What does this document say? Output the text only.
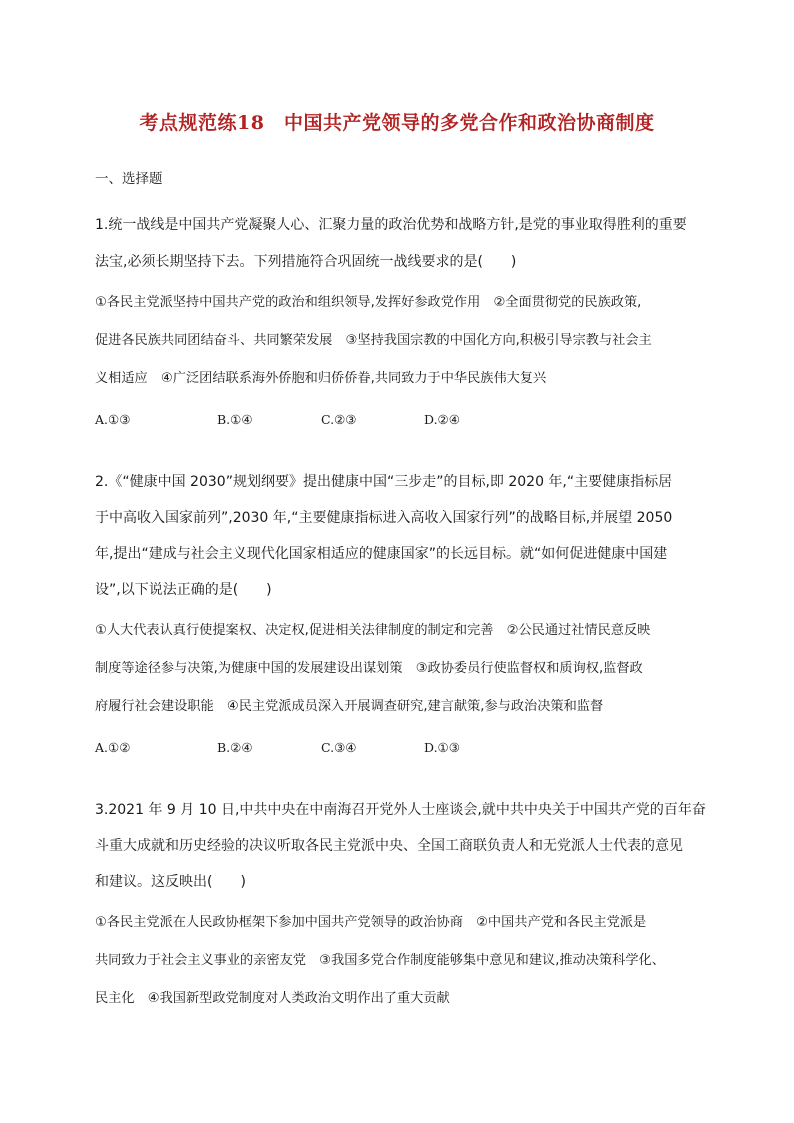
考点规范练18　中国共产党领导的多党合作和政治协商制度
一、选择题
1.统一战线是中国共产党凝聚人心、汇聚力量的政治优势和战略方针,是党的事业取得胜利的重要
法宝,必须长期坚持下去。下列措施符合巩固统一战线要求的是(　　)
①各民主党派坚持中国共产党的政治和组织领导,发挥好参政党作用　②全面贯彻党的民族政策,
促进各民族共同团结奋斗、共同繁荣发展　③坚持我国宗教的中国化方向,积极引导宗教与社会主
义相适应　④广泛团结联系海外侨胞和归侨侨眷,共同致力于中华民族伟大复兴
A.①③	B.①④	C.②③	D.②④
2.《“健康中国 2030”规划纲要》提出健康中国“三步走”的目标,即 2020 年,“主要健康指标居
于中高收入国家前列”,2030 年,“主要健康指标进入高收入国家行列”的战略目标,并展望 2050
年,提出“建成与社会主义现代化国家相适应的健康国家”的长远目标。就“如何促进健康中国建
设”,以下说法正确的是(　　)
①人大代表认真行使提案权、决定权,促进相关法律制度的制定和完善　②公民通过社情民意反映
制度等途径参与决策,为健康中国的发展建设出谋划策　③政协委员行使监督权和质询权,监督政
府履行社会建设职能　④民主党派成员深入开展调查研究,建言献策,参与政治决策和监督
A.①②	B.②④	C.③④	D.①③
3.2021 年 9 月 10 日,中共中央在中南海召开党外人士座谈会,就中共中央关于中国共产党的百年奋
斗重大成就和历史经验的决议听取各民主党派中央、全国工商联负责人和无党派人士代表的意见
和建议。这反映出(　　)
①各民主党派在人民政协框架下参加中国共产党领导的政治协商　②中国共产党和各民主党派是
共同致力于社会主义事业的亲密友党　③我国多党合作制度能够集中意见和建议,推动决策科学化、
民主化　④我国新型政党制度对人类政治文明作出了重大贡献
